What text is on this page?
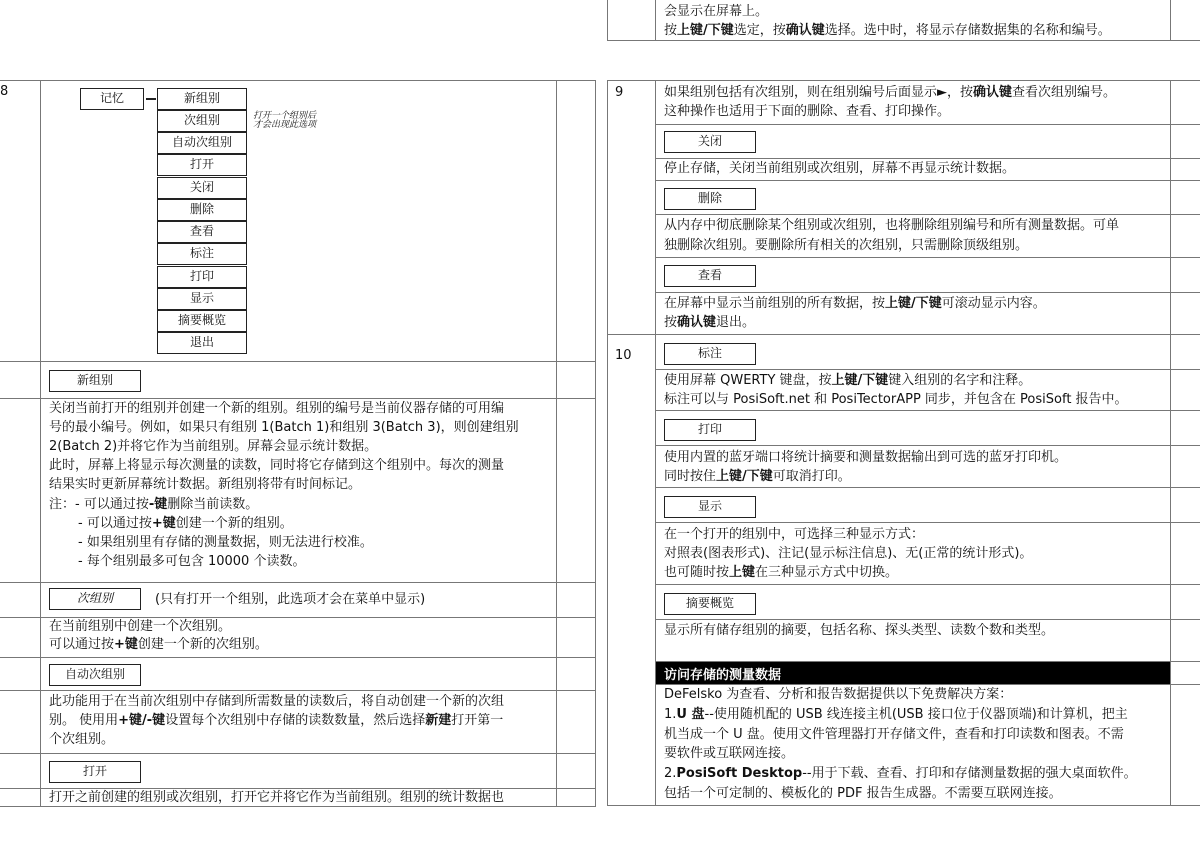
8	记忆	新组别
次组别
自动次组别
打开
关闭
删除
查看
标注
打印
显示
摘要概览
退出
打开一个组别后
才会出现此选项
新组别
关闭当前打开的组别并创建一个新的组别。组别的编号是当前仪器存储的可用编
号的最小编号。例如，如果只有组别 1(Batch 1)和组别 3(Batch 3)，则创建组别
2(Batch 2)并将它作为当前组别。屏幕会显示统计数据。
此时，屏幕上将显示每次测量的读数，同时将它存储到这个组别中。每次的测量
结果实时更新屏幕统计数据。新组别将带有时间标记。
注：- 可以通过按-键删除当前读数。
- 可以通过按+键创建一个新的组别。
- 如果组别里有存储的测量数据，则无法进行校准。
- 每个组别最多可包含 10000 个读数。
次组别	(只有打开一个组别，此选项才会在菜单中显示)
在当前组别中创建一个次组别。
可以通过按+键创建一个新的次组别。
自动次组别
此功能用于在当前次组别中存储到所需数量的读数后，将自动创建一个新的次组
别。 使用用+键/-键设置每个次组别中存储的读数数量，然后选择新建打开第一
个次组别。
打开
打开之前创建的组别或次组别，打开它并将它作为当前组别。组别的统计数据也
会显示在屏幕上。
按上键/下键选定，按确认键选择。选中时，将显示存储数据集的名称和编号。
9	如果组别包括有次组别，则在组别编号后面显示►，按确认键查看次组别编号。
这种操作也适用于下面的删除、查看、打印操作。
关闭
停止存储，关闭当前组别或次组别，屏幕不再显示统计数据。
删除
从内存中彻底删除某个组别或次组别，也将删除组别编号和所有测量数据。可单
独删除次组别。要删除所有相关的次组别，只需删除顶级组别。
查看
在屏幕中显示当前组别的所有数据，按上键/下键可滚动显示内容。
按确认键退出。
10	标注
使用屏幕 QWERTY 键盘，按上键/下键键入组别的名字和注释。
标注可以与 PosiSoft.net 和 PosiTectorAPP 同步，并包含在 PosiSoft 报告中。
打印
使用内置的蓝牙端口将统计摘要和测量数据输出到可选的蓝牙打印机。
同时按住上键/下键可取消打印。
显示
在一个打开的组别中，可选择三种显示方式：
对照表(图表形式)、注记(显示标注信息)、无(正常的统计形式)。
也可随时按上键在三种显示方式中切换。
摘要概览
显示所有储存组别的摘要，包括名称、探头类型、读数个数和类型。
访问存储的测量数据
DeFelsko 为查看、分析和报告数据提供以下免费解决方案：
1.U 盘--使用随机配的 USB 线连接主机(USB 接口位于仪器顶端)和计算机，把主
机当成一个 U 盘。使用文件管理器打开存储文件，查看和打印读数和图表。不需
要软件或互联网连接。
2.PosiSoft Desktop--用于下载、查看、打印和存储测量数据的强大桌面软件。
包括一个可定制的、模板化的 PDF 报告生成器。不需要互联网连接。
